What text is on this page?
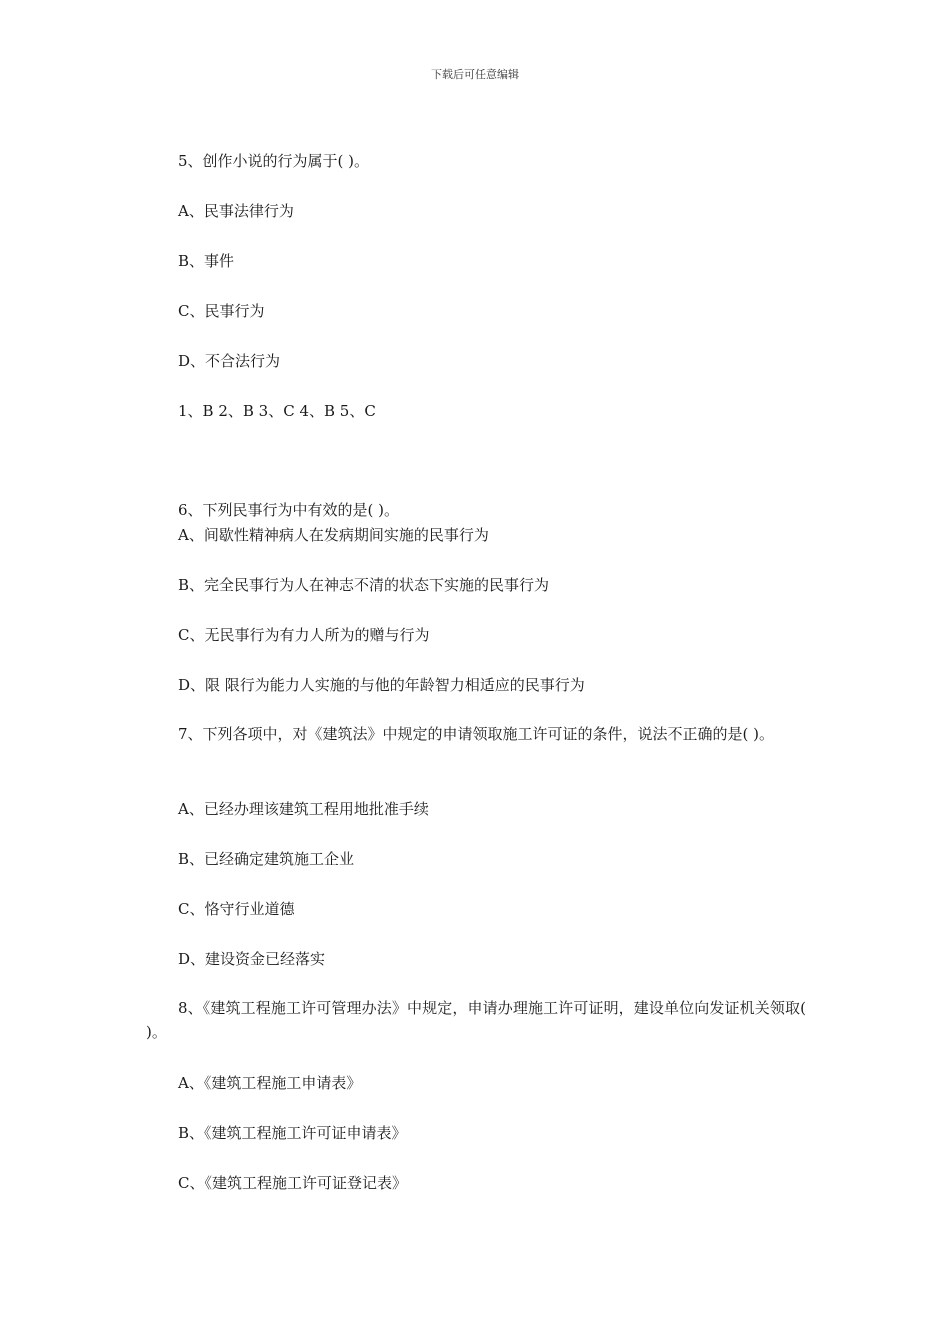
下载后可任意编辑
5、创作小说的行为属于( )。
A、民事法律行为
B、事件
C、民事行为
D、不合法行为
1、B 2、B 3、C 4、B 5、C
6、下列民事行为中有效的是( )。
A、间歇性精神病人在发病期间实施的民事行为
B、完全民事行为人在神志不清的状态下实施的民事行为
C、无民事行为有力人所为的赠与行为
D、限 限行为能力人实施的与他的年龄智力相适应的民事行为
7、下列各项中，对《建筑法》中规定的申请领取施工许可证的条件，说法不正确的是( )。
A、已经办理该建筑工程用地批准手续
B、已经确定建筑施工企业
C、恪守行业道德
D、建设资金已经落实
8、《建筑工程施工许可管理办法》中规定，申请办理施工许可证明，建设单位向发证机关领取( )。
A、《建筑工程施工申请表》
B、《建筑工程施工许可证申请表》
C、《建筑工程施工许可证登记表》
